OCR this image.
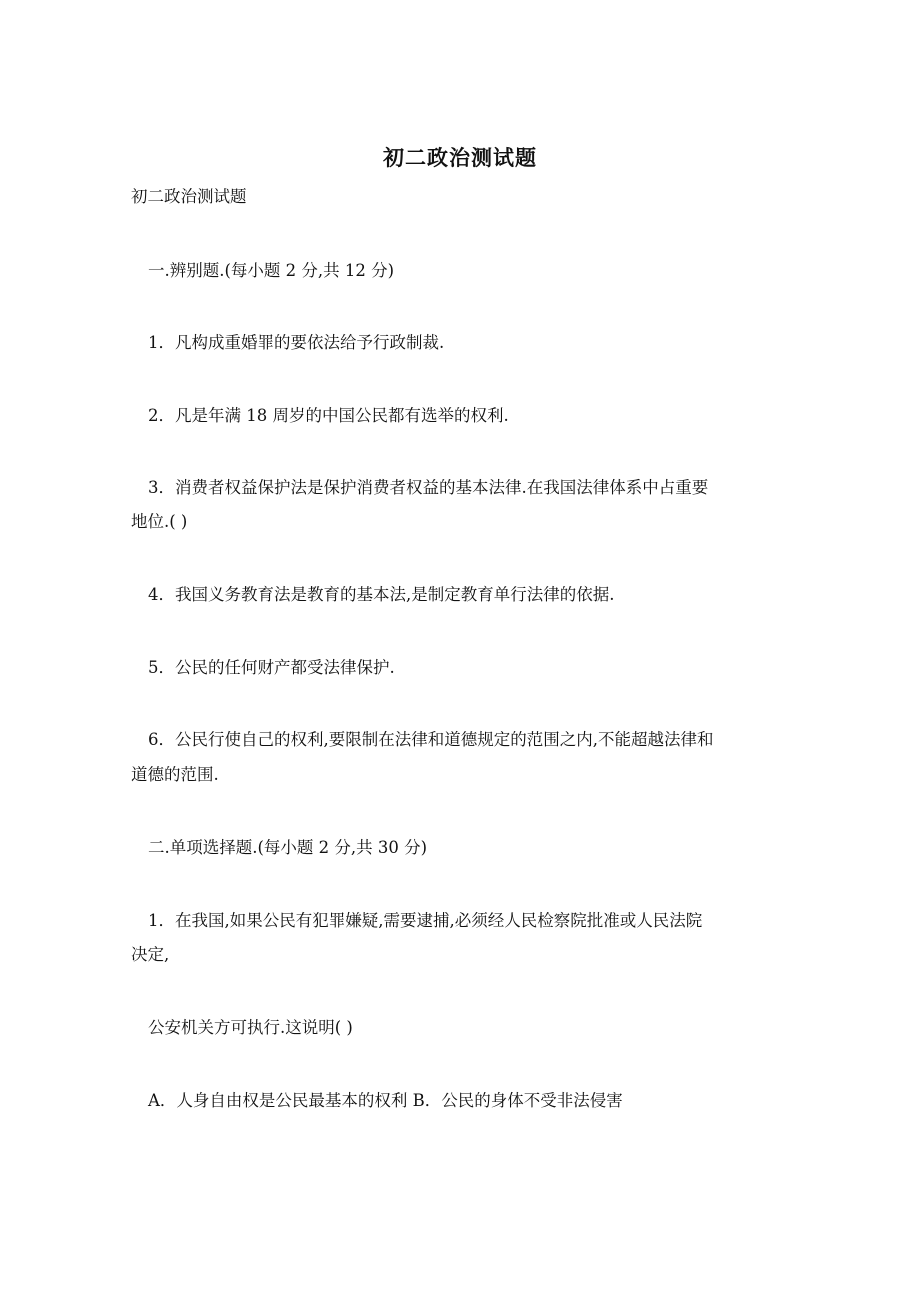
初二政治测试题
初二政治测试题
一.辨别题.(每小题 2 分,共 12 分)
1．凡构成重婚罪的要依法给予行政制裁.
2．凡是年满 18 周岁的中国公民都有选举的权利.
3．消费者权益保护法是保护消费者权益的基本法律.在我国法律体系中占重要
地位.( )
4．我国义务教育法是教育的基本法,是制定教育单行法律的依据.
5．公民的任何财产都受法律保护.
6．公民行使自己的权利,要限制在法律和道德规定的范围之内,不能超越法律和
道德的范围.
二.单项选择题.(每小题 2 分,共 30 分)
1．在我国,如果公民有犯罪嫌疑,需要逮捕,必须经人民检察院批准或人民法院
决定,
公安机关方可执行.这说明( )
A．人身自由权是公民最基本的权利 B．公民的身体不受非法侵害
